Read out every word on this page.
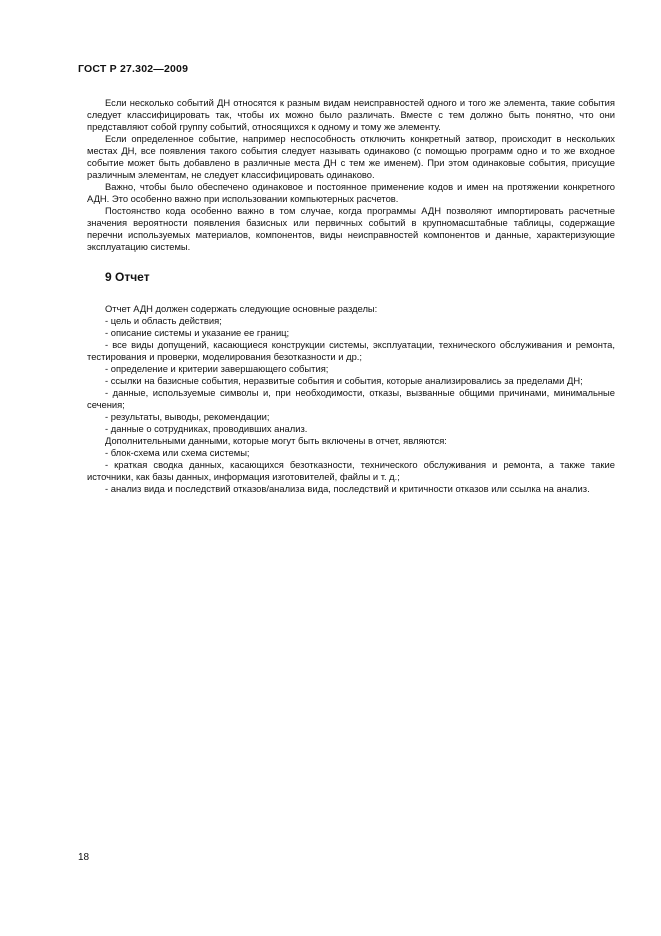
ГОСТ Р 27.302—2009

Если несколько событий ДН относятся к разным видам неисправностей одного и того же элемента, такие события следует классифицировать так, чтобы их можно было различать. Вместе с тем должно быть понятно, что они представляют собой группу событий, относящихся к одному и тому же элементу.

Если определенное событие, например неспособность отключить конкретный затвор, происходит в нескольких местах ДН, все появления такого события следует называть одинаково (с помощью программ одно и то же входное событие может быть добавлено в различные места ДН с тем же именем). При этом одинаковые события, присущие различным элементам, не следует классифицировать одинаково.

Важно, чтобы было обеспечено одинаковое и постоянное применение кодов и имен на протяжении конкретного АДН. Это особенно важно при использовании компьютерных расчетов.

Постоянство кода особенно важно в том случае, когда программы АДН позволяют импортировать расчетные значения вероятности появления базисных или первичных событий в крупномасштабные таблицы, содержащие перечни используемых материалов, компонентов, виды неисправностей компонентов и данные, характеризующие эксплуатацию системы.

9 Отчет

Отчет АДН должен содержать следующие основные разделы:

- цель и область действия;

- описание системы и указание ее границ;

- все виды допущений, касающиеся конструкции системы, эксплуатации, технического обслуживания и ремонта, тестирования и проверки, моделирования безотказности и др.;

- определение и критерии завершающего события;

- ссылки на базисные события, неразвитые события и события, которые анализировались за пределами ДН;

- данные, используемые символы и, при необходимости, отказы, вызванные общими причинами, минимальные сечения;

- результаты, выводы, рекомендации;

- данные о сотрудниках, проводивших анализ.

Дополнительными данными, которые могут быть включены в отчет, являются:

- блок-схема или схема системы;

- краткая сводка данных, касающихся безотказности, технического обслуживания и ремонта, а также такие источники, как базы данных, информация изготовителей, файлы и т. д.;

- анализ вида и последствий отказов/анализа вида, последствий и критичности отказов или ссылка на анализ.

18
